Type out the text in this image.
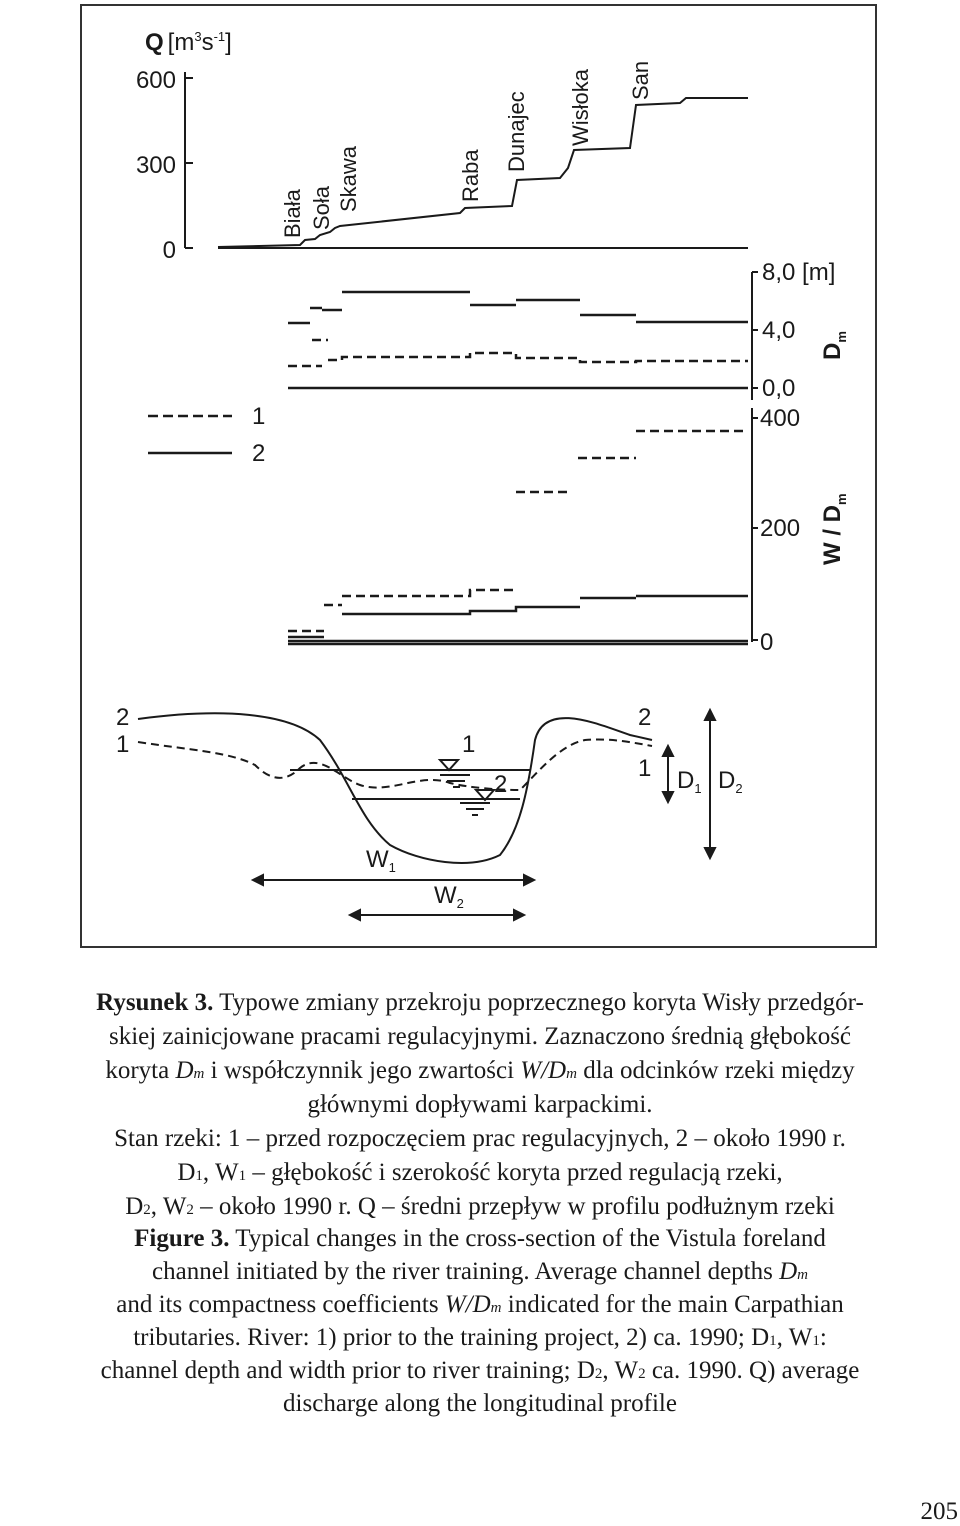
Q $[m^3s^{-1}]$
600
300
0
Biała Soła Skawa	Raba
Dunajec Wisłoka San
8,0 [m]
4,0
0,0
$D_m$
400
200
0
W / $D_m$
1
2
2
1
2
1
1
2	$D_1$ $D_2$
$W_1$
$W_2$
Rysunek 3. Typowe zmiany przekroju poprzecznego koryta Wisły przedgór-
skiej zainicjowane pracami regulacyjnymi. Zaznaczono średnią głębokość
koryta Dm i współczynnik jego zwartości W/Dm dla odcinków rzeki między
głównymi dopływami karpackimi.
Stan rzeki: 1 – przed rozpoczęciem prac regulacyjnych, 2 – około 1990 r.
D1, W1 – głębokość i szerokość koryta przed regulacją rzeki,
D2, W2 – około 1990 r. Q – średni przepływ w profilu podłużnym rzeki
Figure 3. Typical changes in the cross-section of the Vistula foreland
channel initiated by the river training. Average channel depths Dm
and its compactness coefficients W/Dm indicated for the main Carpathian
tributaries. River: 1) prior to the training project, 2) ca. 1990; D1, W1:
channel depth and width prior to river training; D2, W2 ca. 1990. Q) average
discharge along the longitudinal profile
205
